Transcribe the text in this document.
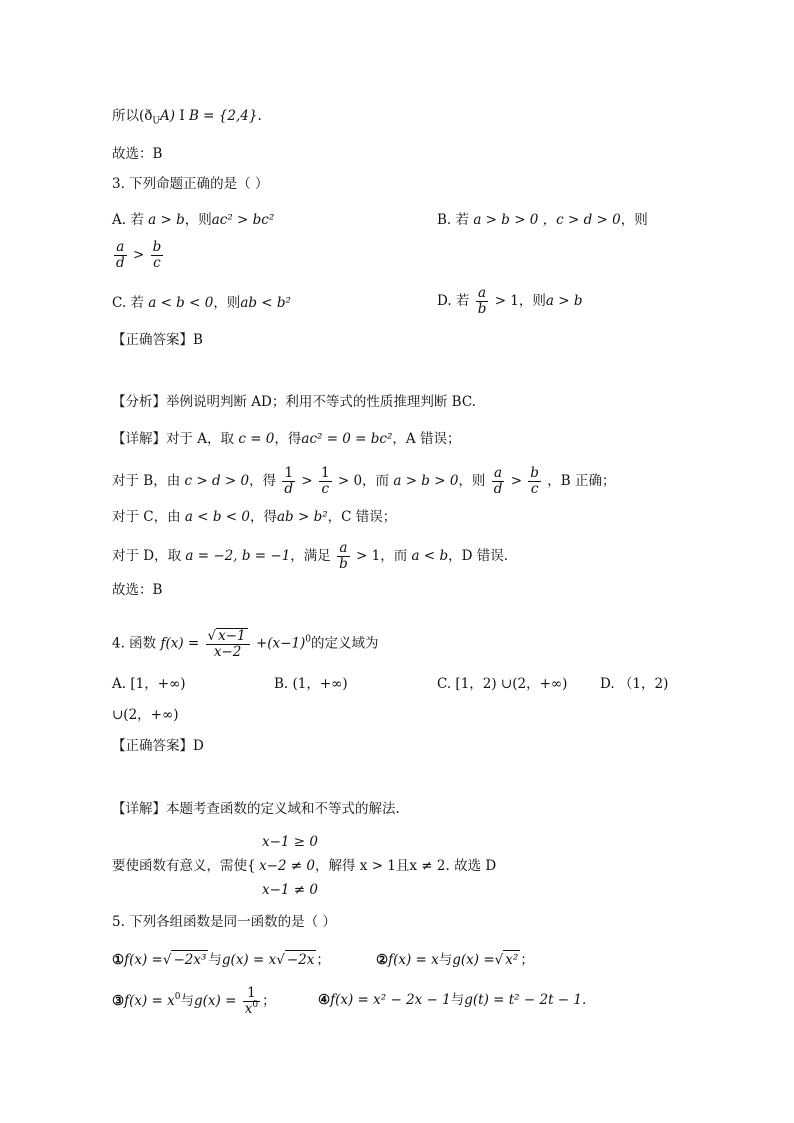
所以$(ð_UA)$ Ⅰ B = {2,4}.
故选：B
3. 下列命题正确的是（ ）
A. 若 a > b，则ac² > bc²	B. 若 a > b > 0 ，c > d > 0，则
$\frac{a}{d} > \frac{b}{c}$
C. 若 a < b < 0，则ab < b²	D. 若 $\frac{a}{b} > 1$，则a > b
【正确答案】B
【分析】举例说明判断 AD；利用不等式的性质推理判断 BC.
【详解】对于 A，取 c = 0，得ac² = 0 = bc²，A 错误；
对于 B，由 c > d > 0，得 $\frac{1}{d} > \frac{1}{c} > 0$，而 a > b > 0，则 $\frac{a}{d} > \frac{b}{c}$ ，B 正确；
对于 C，由 a < b < 0，得ab > b²，C 错误；
对于 D，取 a = −2, b = −1，满足 $\frac{a}{b} > 1$，而 a < b，D 错误.
故选：B
4. 函数 $f(x) = \frac{√ x-1}{x-2} +(x-1)^0$的定义域为
A. [1，+∞)	B. (1，+∞)	C. [1，2) ∪(2，+∞) D. （1，2)
∪(2，+∞)
【正确答案】D
【详解】本题考查函数的定义域和不等式的解法.
x−1 ≥ 0
要使函数有意义，需使{ x−2 ≠ 0，解得 x > 1且x ≠ 2. 故选 D
x−1 ≠ 0
5. 下列各组函数是同一函数的是（ ）
①f(x) =√ −2x³ 与g(x) = x√ −2x ；	②f(x) = x与g(x) =√ x² ；
③f(x) = $x^0$与$g(x) = \frac{1}{x^0}$ ；	④f(x) = x² − 2x − 1与g(t) = t² − 2t − 1.
